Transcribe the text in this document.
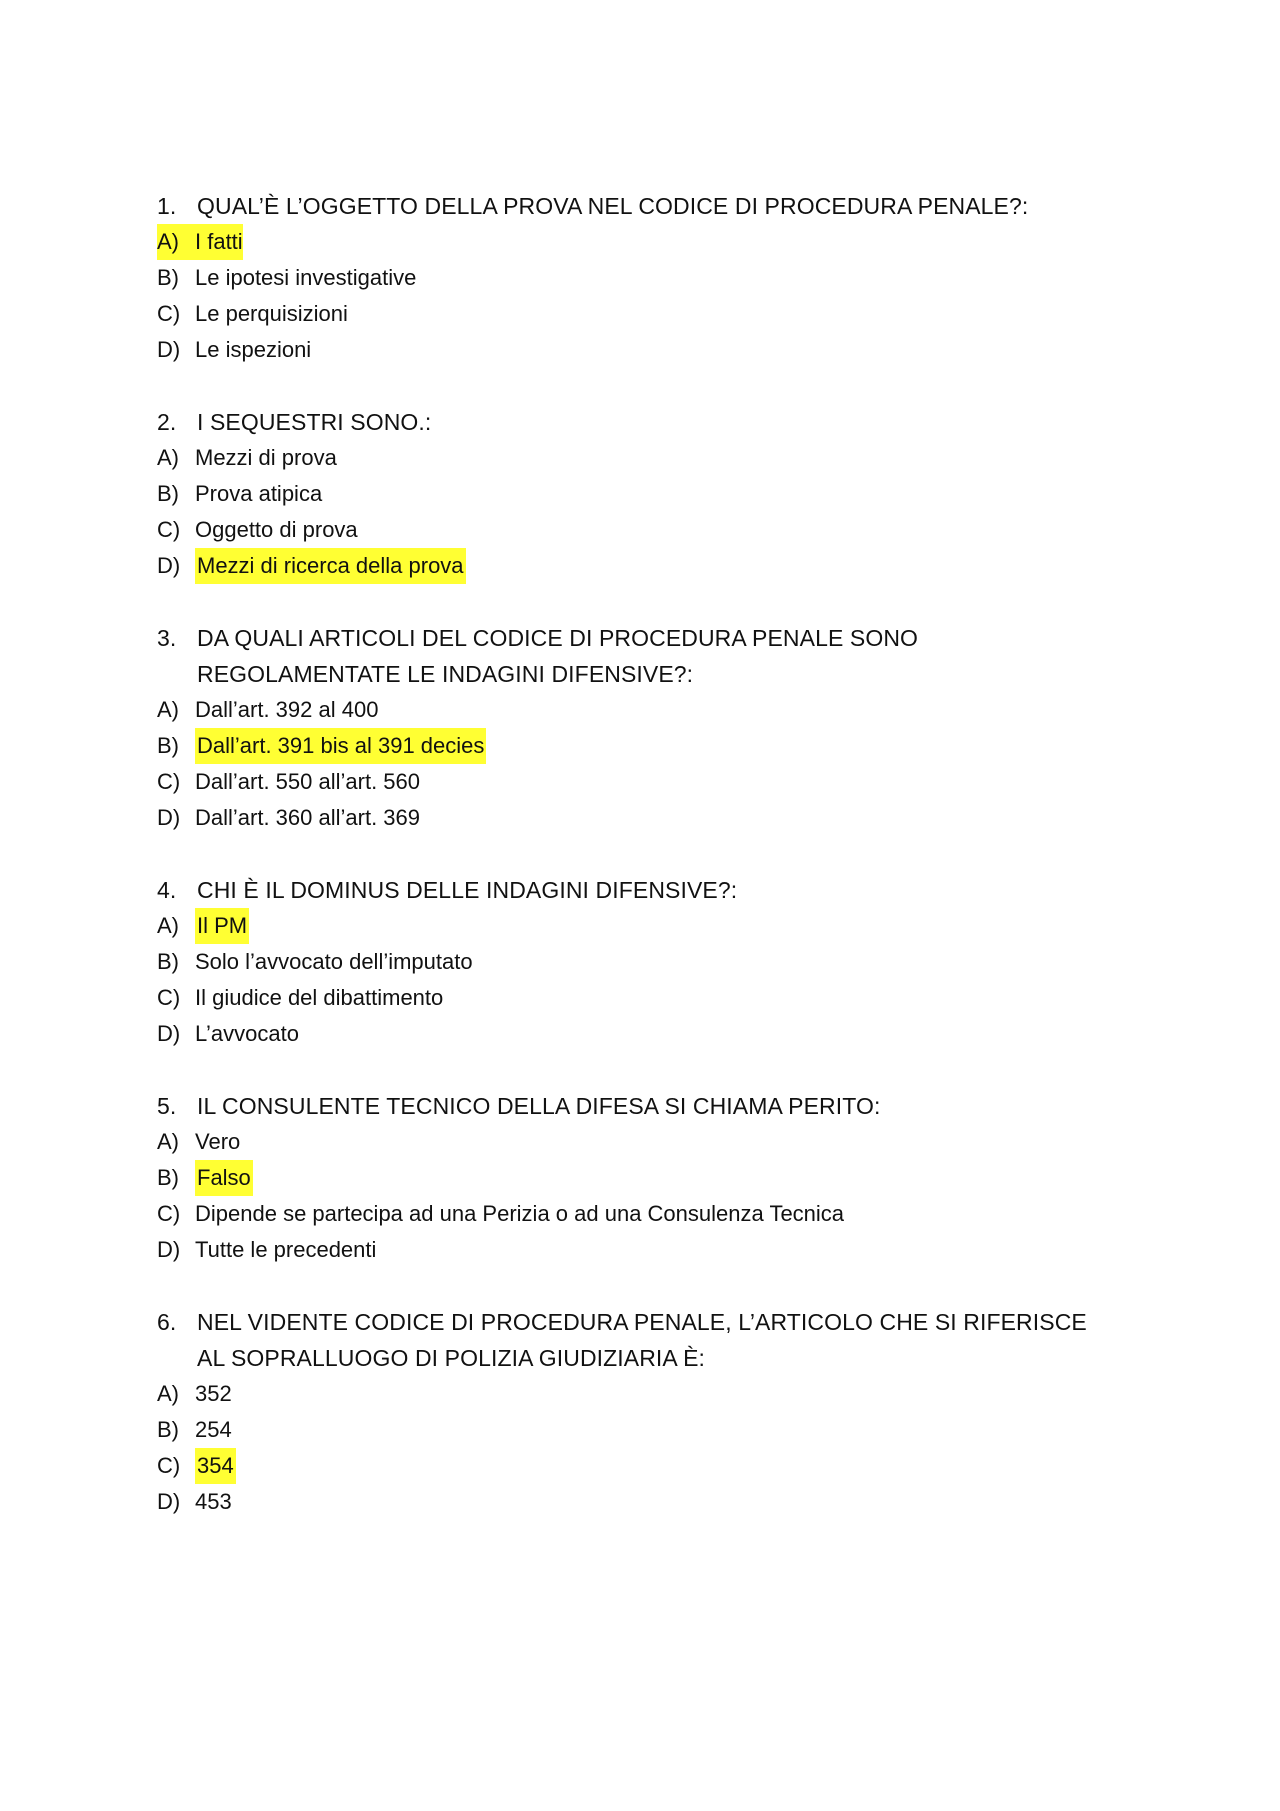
1. QUAL’È L’OGGETTO DELLA PROVA NEL CODICE DI PROCEDURA PENALE?:
A) I fatti
B) Le ipotesi investigative
C) Le perquisizioni
D) Le ispezioni
2. I SEQUESTRI SONO.:
A) Mezzi di prova
B) Prova atipica
C) Oggetto di prova
D) Mezzi di ricerca della prova
3. DA QUALI ARTICOLI DEL CODICE DI PROCEDURA PENALE SONO REGOLAMENTATE LE INDAGINI DIFENSIVE?:
A) Dall’art. 392 al 400
B) Dall’art. 391 bis al 391 decies
C) Dall’art. 550 all’art. 560
D) Dall’art. 360 all’art. 369
4. CHI È IL DOMINUS DELLE INDAGINI DIFENSIVE?:
A) Il PM
B) Solo l’avvocato dell’imputato
C) Il giudice del dibattimento
D) L’avvocato
5. IL CONSULENTE TECNICO DELLA DIFESA SI CHIAMA PERITO:
A) Vero
B) Falso
C) Dipende se partecipa ad una Perizia o ad una Consulenza Tecnica
D) Tutte le precedenti
6. NEL VIDENTE CODICE DI PROCEDURA PENALE, L’ARTICOLO CHE SI RIFERISCE AL SOPRALLUOGO DI POLIZIA GIUDIZIARIA È:
A) 352
B) 254
C) 354
D) 453
